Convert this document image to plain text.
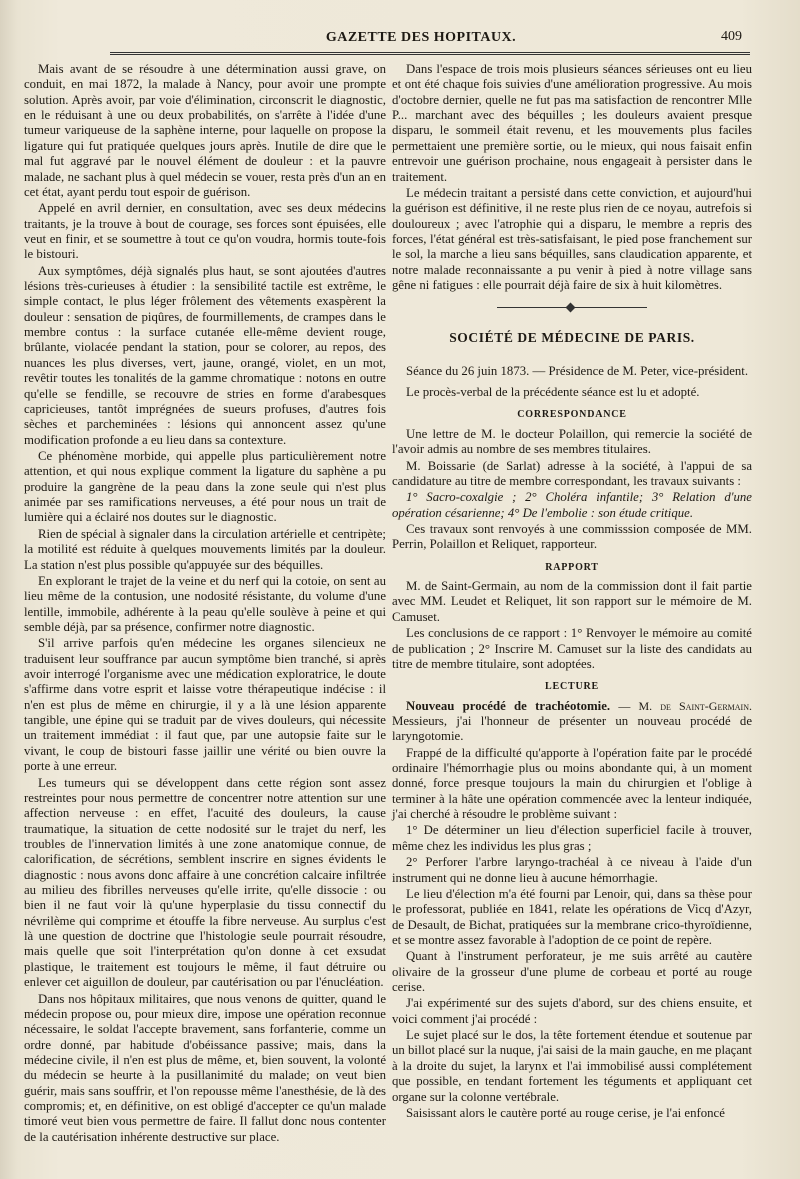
GAZETTE DES HOPITAUX.	409

Mais avant de se résoudre à une détermination aussi grave, on conduit, en mai 1872, la malade à Nancy, pour avoir une prompte solution. Après avoir, par voie d'élimination, circonscrit le diagnostic, en le réduisant à une ou deux probabilités, on s'arrête à l'idée d'une tumeur variqueuse de la saphène interne, pour laquelle on propose la ligature qui fut pratiquée quelques jours après. Inutile de dire que le mal fut aggravé par le nouvel élément de douleur : et la pauvre malade, ne sachant plus à quel médecin se vouer, resta près d'un an en cet état, ayant perdu tout espoir de guérison.

Appelé en avril dernier, en consultation, avec ses deux médecins traitants, je la trouve à bout de courage, ses forces sont épuisées, elle veut en finir, et se soumettre à tout ce qu'on voudra, hormis toute-fois le bistouri.

Aux symptômes, déjà signalés plus haut, se sont ajoutées d'autres lésions très-curieuses à étudier : la sensibilité tactile est extrême, le simple contact, le plus léger frôlement des vêtements exaspèrent la douleur : sensation de piqûres, de fourmillements, de crampes dans le membre contus : la surface cutanée elle-même devient rouge, brûlante, violacée pendant la station, pour se colorer, au repos, des nuances les plus diverses, vert, jaune, orangé, violet, en un mot, revêtir toutes les tonalités de la gamme chromatique : notons en outre qu'elle se fendille, se recouvre de stries en forme d'arabesques capricieuses, tantôt imprégnées de sueurs profuses, d'autres fois sèches et parcheminées : lésions qui annoncent assez qu'une modification profonde a eu lieu dans sa contexture.

Ce phénomène morbide, qui appelle plus particulièrement notre attention, et qui nous explique comment la ligature du saphène a pu produire la gangrène de la peau dans la zone seule qui n'est plus animée par ses ramifications nerveuses, a été pour nous un trait de lumière qui a éclairé nos doutes sur le diagnostic.

Rien de spécial à signaler dans la circulation artérielle et centripète; la motilité est réduite à quelques mouvements limités par la douleur. La station n'est plus possible qu'appuyée sur des béquilles.

En explorant le trajet de la veine et du nerf qui la cotoie, on sent au lieu même de la contusion, une nodosité résistante, du volume d'une lentille, immobile, adhérente à la peau qu'elle soulève à peine et qui semble déjà, par sa présence, confirmer notre diagnostic.

S'il arrive parfois qu'en médecine les organes silencieux ne traduisent leur souffrance par aucun symptôme bien tranché, si après avoir interrogé l'organisme avec une médication exploratrice, le doute s'affirme dans votre esprit et laisse votre thérapeutique indécise : il n'en est plus de même en chirurgie, il y a là une lésion apparente tangible, une épine qui se traduit par de vives douleurs, qui nécessite un traitement immédiat : il faut que, par une autopsie faite sur le vivant, le coup de bistouri fasse jaillir une vérité ou bien ouvre la porte à une erreur.

Les tumeurs qui se développent dans cette région sont assez restreintes pour nous permettre de concentrer notre attention sur une affection nerveuse : en effet, l'acuité des douleurs, la cause traumatique, la situation de cette nodosité sur le trajet du nerf, les troubles de l'innervation limités à une zone anatomique connue, de calorification, de sécrétions, semblent inscrire en signes évidents le diagnostic : nous avons donc affaire à une concrétion calcaire infiltrée au milieu des fibrilles nerveuses qu'elle irrite, qu'elle dissocie : ou bien il ne faut voir là qu'une hyperplasie du tissu connectif du névrilème qui comprime et étouffe la fibre nerveuse. Au surplus c'est là une question de doctrine que l'histologie seule pourrait résoudre, mais quelle que soit l'interprétation qu'on donne à cet exsudat plastique, le traitement est toujours le même, il faut détruire ou enlever cet aiguillon de douleur, par cautérisation ou par l'énucléation.

Dans nos hôpitaux militaires, que nous venons de quitter, quand le médecin propose ou, pour mieux dire, impose une opération reconnue nécessaire, le soldat l'accepte bravement, sans forfanterie, comme un ordre donné, par habitude d'obéissance passive; mais, dans la médecine civile, il n'en est plus de même, et, bien souvent, la volonté du médecin se heurte à la pusillanimité du malade; on veut bien guérir, mais sans souffrir, et l'on repousse même l'anesthésie, de là des compromis; et, en définitive, on est obligé d'accepter ce qu'un malade timoré veut bien vous permettre de faire. Il fallut donc nous contenter de la cautérisation inhérente destructive sur place.

Dans l'espace de trois mois plusieurs séances sérieuses ont eu lieu et ont été chaque fois suivies d'une amélioration progressive. Au mois d'octobre dernier, quelle ne fut pas ma satisfaction de rencontrer Mlle P... marchant avec des béquilles ; les douleurs avaient presque disparu, le sommeil était revenu, et les mouvements plus faciles permettaient une première sortie, ou le mieux, qui nous faisait enfin entrevoir une guérison prochaine, nous engageait à persister dans le traitement.

Le médecin traitant a persisté dans cette conviction, et aujourd'hui la guérison est définitive, il ne reste plus rien de ce noyau, autrefois si douloureux ; avec l'atrophie qui a disparu, le membre a repris des forces, l'état général est très-satisfaisant, le pied pose franchement sur le sol, la marche a lieu sans béquilles, sans claudication apparente, et notre malade reconnaissante a pu venir à pied à notre village sans gêne ni fatigues : elle pourrait déjà faire de six à huit kilomètres.

SOCIÉTÉ DE MÉDECINE DE PARIS.

Séance du 26 juin 1873. — Présidence de M. Peter, vice-président.

Le procès-verbal de la précédente séance est lu et adopté.

CORRESPONDANCE

Une lettre de M. le docteur Polaillon, qui remercie la société de l'avoir admis au nombre de ses membres titulaires.

M. Boissarie (de Sarlat) adresse à la société, à l'appui de sa candidature au titre de membre correspondant, les travaux suivants :

1° Sacro-coxalgie ; 2° Choléra infantile; 3° Relation d'une opération césarienne; 4° De l'embolie : son étude critique.

Ces travaux sont renvoyés à une commisssion composée de MM. Perrin, Polaillon et Reliquet, rapporteur.

RAPPORT

M. de Saint-Germain, au nom de la commission dont il fait partie avec MM. Leudet et Reliquet, lit son rapport sur le mémoire de M. Camuset.

Les conclusions de ce rapport : 1° Renvoyer le mémoire au comité de publication ; 2° Inscrire M. Camuset sur la liste des candidats au titre de membre titulaire, sont adoptées.

LECTURE

Nouveau procédé de trachéotomie. — M. de Saint-Germain. Messieurs, j'ai l'honneur de présenter un nouveau procédé de laryngotomie.

Frappé de la difficulté qu'apporte à l'opération faite par le procédé ordinaire l'hémorrhagie plus ou moins abondante qui, à un moment donné, force presque toujours la main du chirurgien et l'oblige à terminer à la hâte une opération commencée avec la lenteur indiquée, j'ai cherché à résoudre le problème suivant :

1° De déterminer un lieu d'élection superficiel facile à trouver, même chez les individus les plus gras ;

2° Perforer l'arbre laryngo-trachéal à ce niveau à l'aide d'un instrument qui ne donne lieu à aucune hémorrhagie.

Le lieu d'élection m'a été fourni par Lenoir, qui, dans sa thèse pour le professorat, publiée en 1841, relate les opérations de Vicq d'Azyr, de Desault, de Bichat, pratiquées sur la membrane crico-thyroïdienne, et se montre assez favorable à l'adoption de ce point de repère.

Quant à l'instrument perforateur, je me suis arrêté au cautère olivaire de la grosseur d'une plume de corbeau et porté au rouge cerise.

J'ai expérimenté sur des sujets d'abord, sur des chiens ensuite, et voici comment j'ai procédé :

Le sujet placé sur le dos, la tête fortement étendue et soutenue par un billot placé sur la nuque, j'ai saisi de la main gauche, en me plaçant à la droite du sujet, la larynx et l'ai immobilisé aussi complétement que possible, en tendant fortement les téguments et appliquant cet organe sur la colonne vertébrale.

Saisissant alors le cautère porté au rouge cerise, je l'ai enfoncé
